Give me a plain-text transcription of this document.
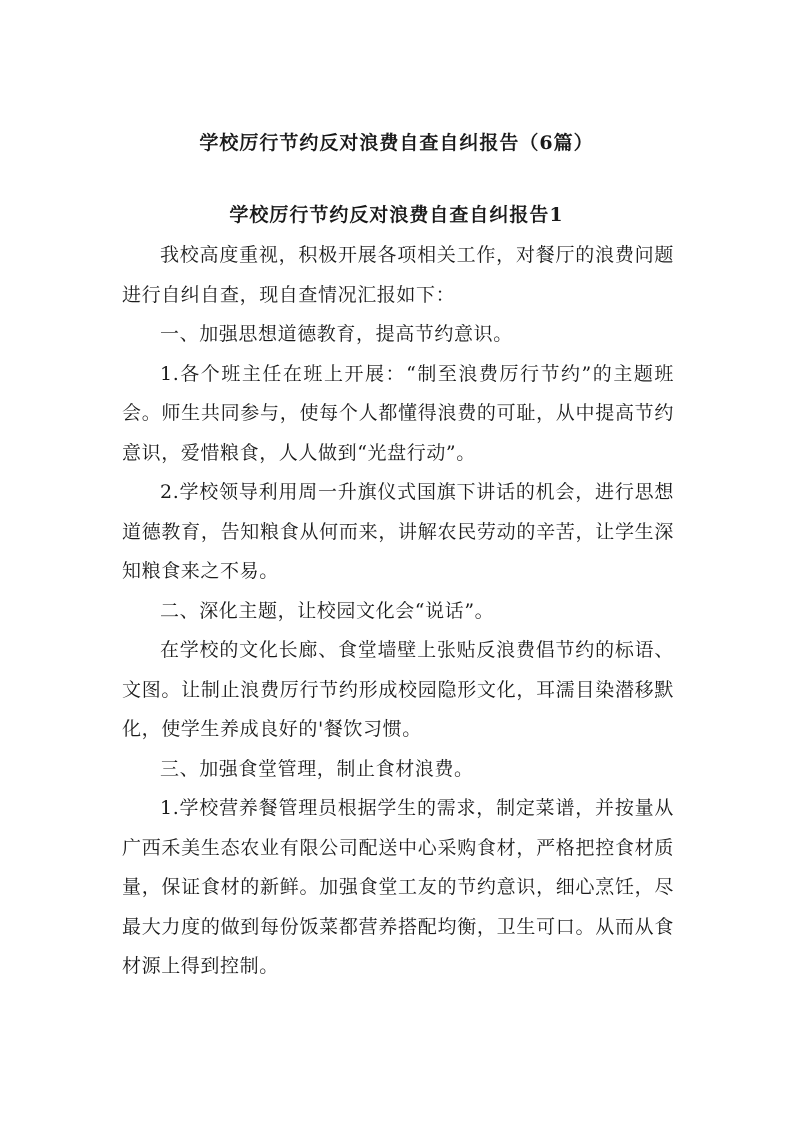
学校厉行节约反对浪费自查自纠报告（6篇）
学校厉行节约反对浪费自查自纠报告1

我校高度重视，积极开展各项相关工作，对餐厅的浪费问题进行自纠自查，现自查情况汇报如下：

一、加强思想道德教育，提高节约意识。

1.各个班主任在班上开展：“制至浪费厉行节约”的主题班会。师生共同参与，使每个人都懂得浪费的可耻，从中提高节约意识，爱惜粮食，人人做到“光盘行动”。

2.学校领导利用周一升旗仪式国旗下讲话的机会，进行思想道德教育，告知粮食从何而来，讲解农民劳动的辛苦，让学生深知粮食来之不易。

二、深化主题，让校园文化会“说话”。

在学校的文化长廊、食堂墙壁上张贴反浪费倡节约的标语、文图。让制止浪费厉行节约形成校园隐形文化，耳濡目染潜移默化，使学生养成良好的'餐饮习惯。

三、加强食堂管理，制止食材浪费。

1.学校营养餐管理员根据学生的需求，制定菜谱，并按量从广西禾美生态农业有限公司配送中心采购食材，严格把控食材质量，保证食材的新鲜。加强食堂工友的节约意识，细心烹饪，尽最大力度的做到每份饭菜都营养搭配均衡，卫生可口。从而从食材源上得到控制。
